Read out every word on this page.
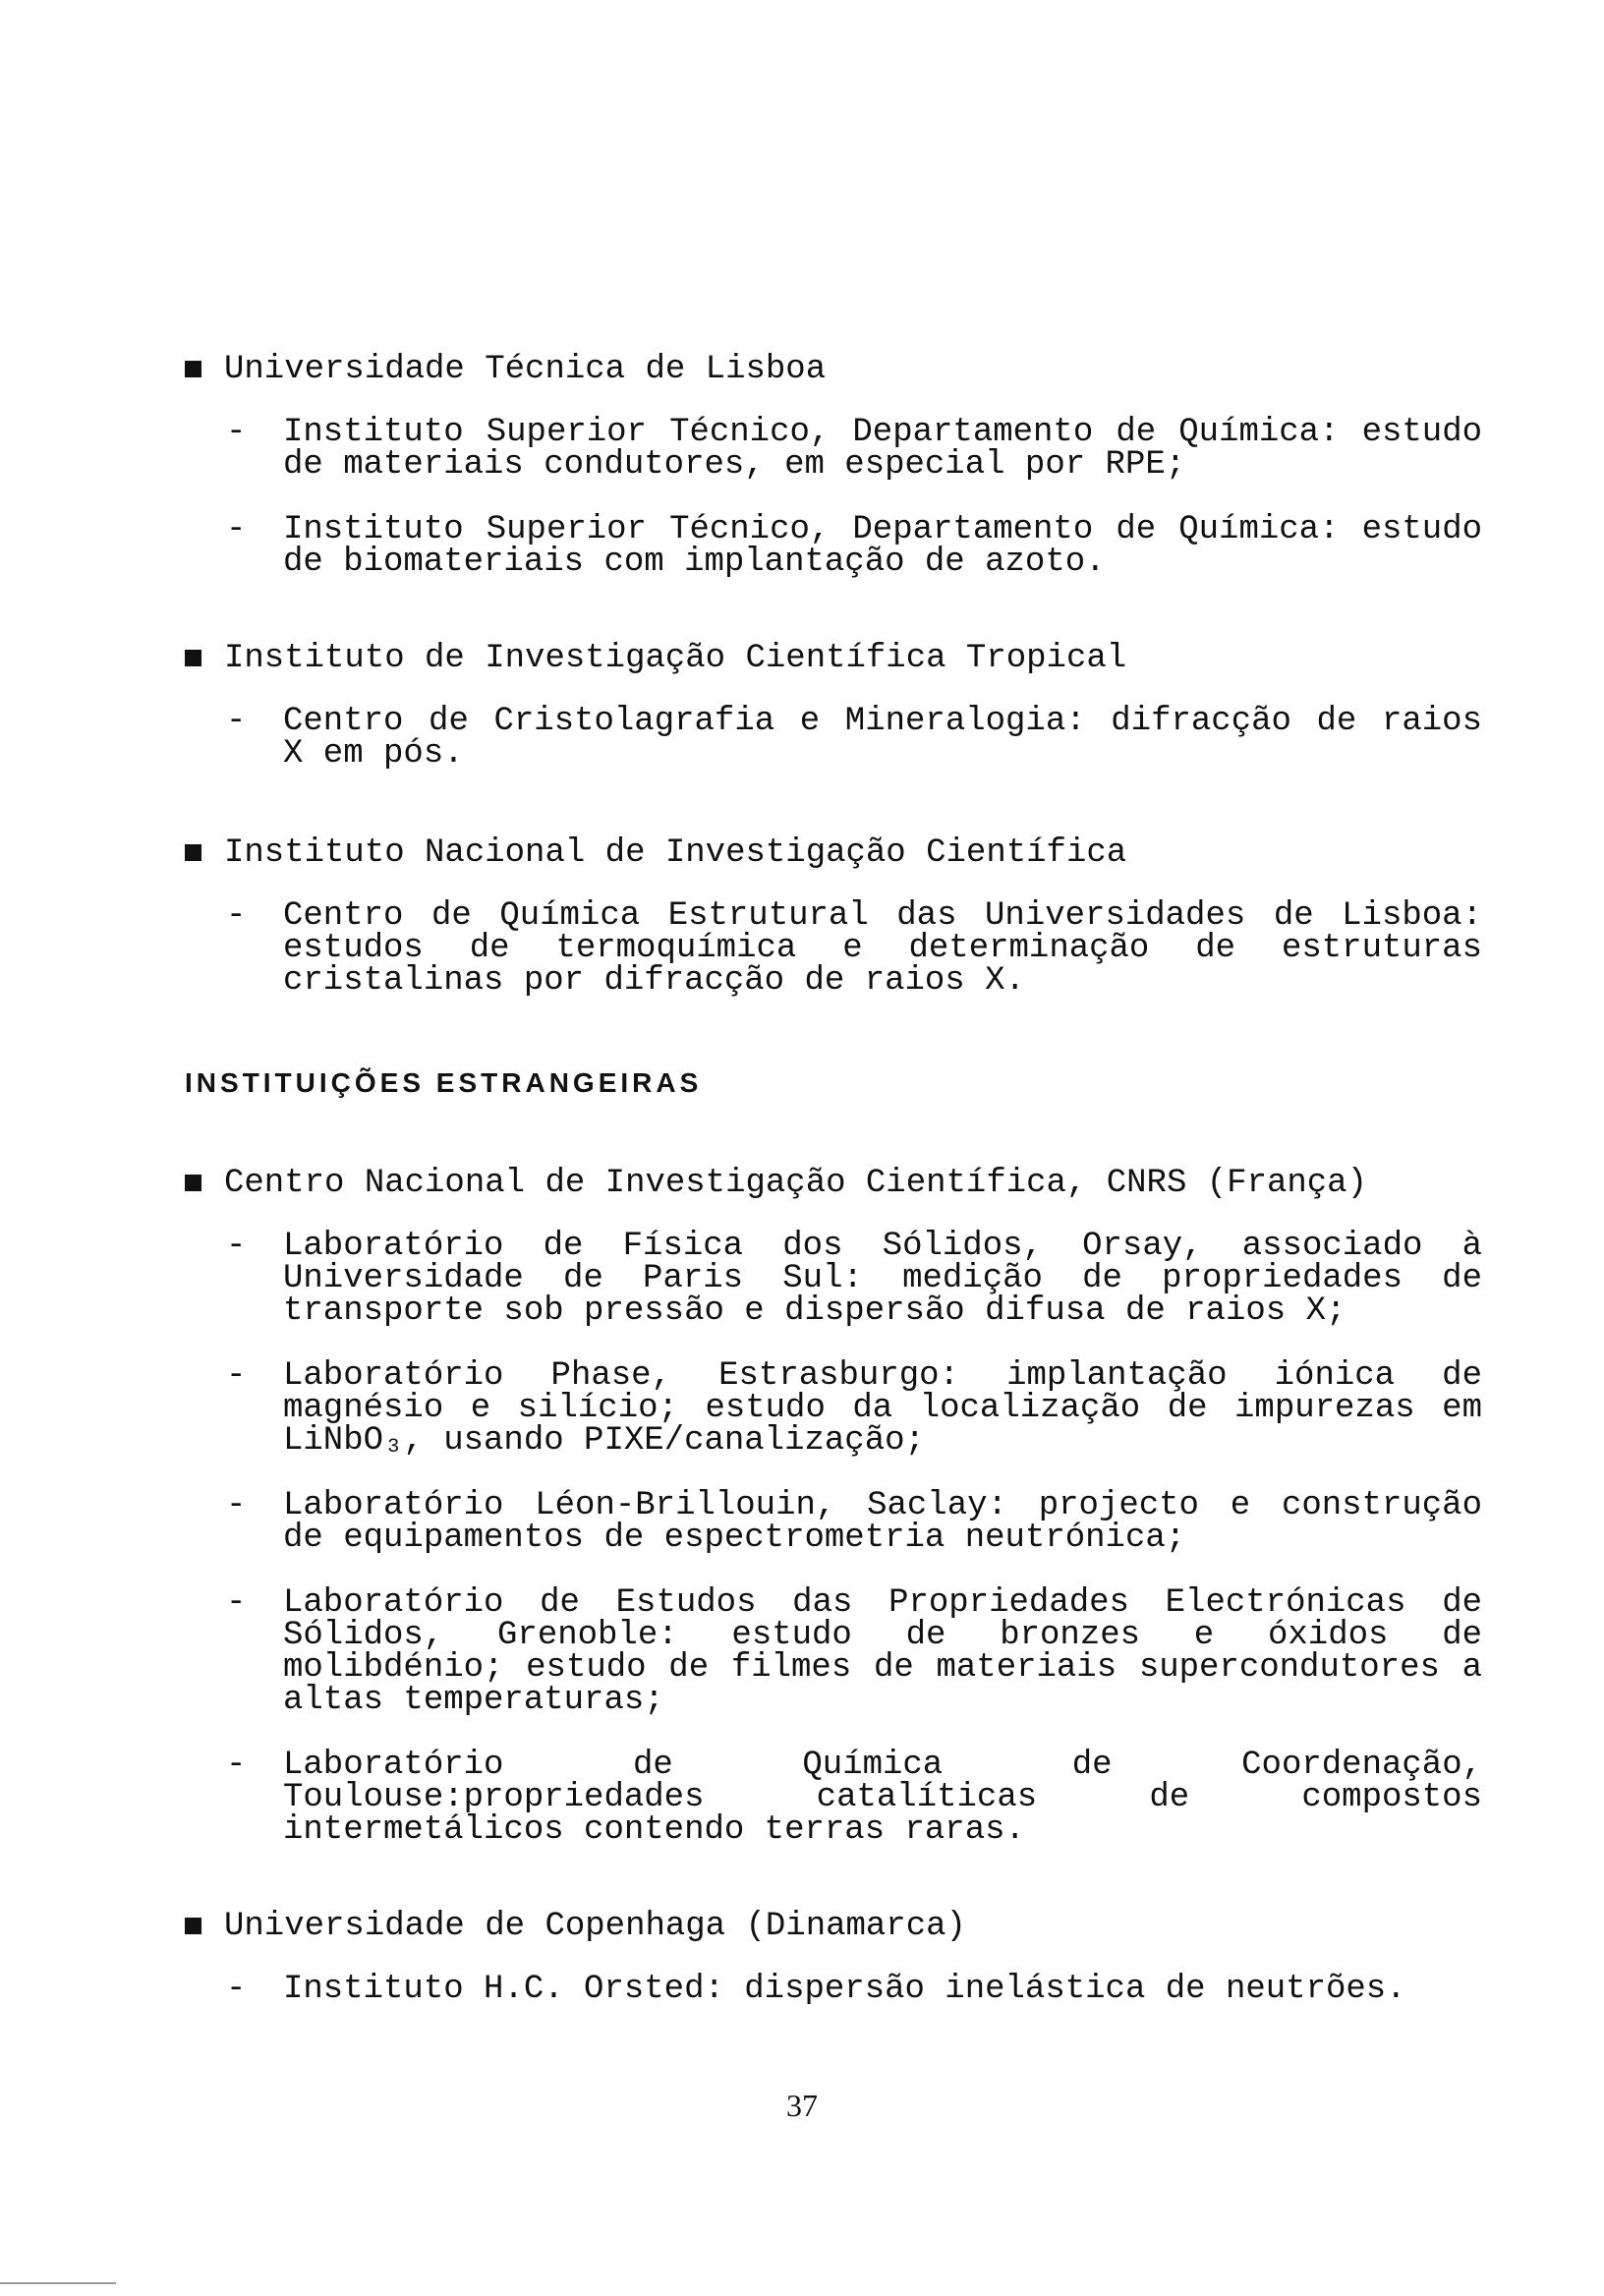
Universidade Técnica de Lisboa
- Instituto Superior Técnico, Departamento de Química: estudo de materiais condutores, em especial por RPE;
- Instituto Superior Técnico, Departamento de Química: estudo de biomateriais com implantação de azoto.
Instituto de Investigação Científica Tropical
- Centro de Cristolagrafia e Mineralogia: difracção de raios X em pós.
Instituto Nacional de Investigação Científica
- Centro de Química Estrutural das Universidades de Lisboa: estudos de termoquímica e determinação de estruturas cristalinas por difracção de raios X.
INSTITUIÇÕES ESTRANGEIRAS
Centro Nacional de Investigação Científica, CNRS (França)
- Laboratório de Física dos Sólidos, Orsay, associado à Universidade de Paris Sul: medição de propriedades de transporte sob pressão e dispersão difusa de raios X;
- Laboratório Phase, Estrasburgo: implantação iónica de magnésio e silício; estudo da localização de impurezas em LiNbO₃, usando PIXE/canalização;
- Laboratório Léon-Brillouin, Saclay: projecto e construção de equipamentos de espectrometria neutrónica;
- Laboratório de Estudos das Propriedades Electrónicas de Sólidos, Grenoble: estudo de bronzes e óxidos de molibdénio; estudo de filmes de materiais supercondutores a altas temperaturas;
- Laboratório de Química de Coordenação, Toulouse:propriedades catalíticas de compostos intermetálicos contendo terras raras.
Universidade de Copenhaga (Dinamarca)
- Instituto H.C. Orsted: dispersão inelástica de neutrões.
37
